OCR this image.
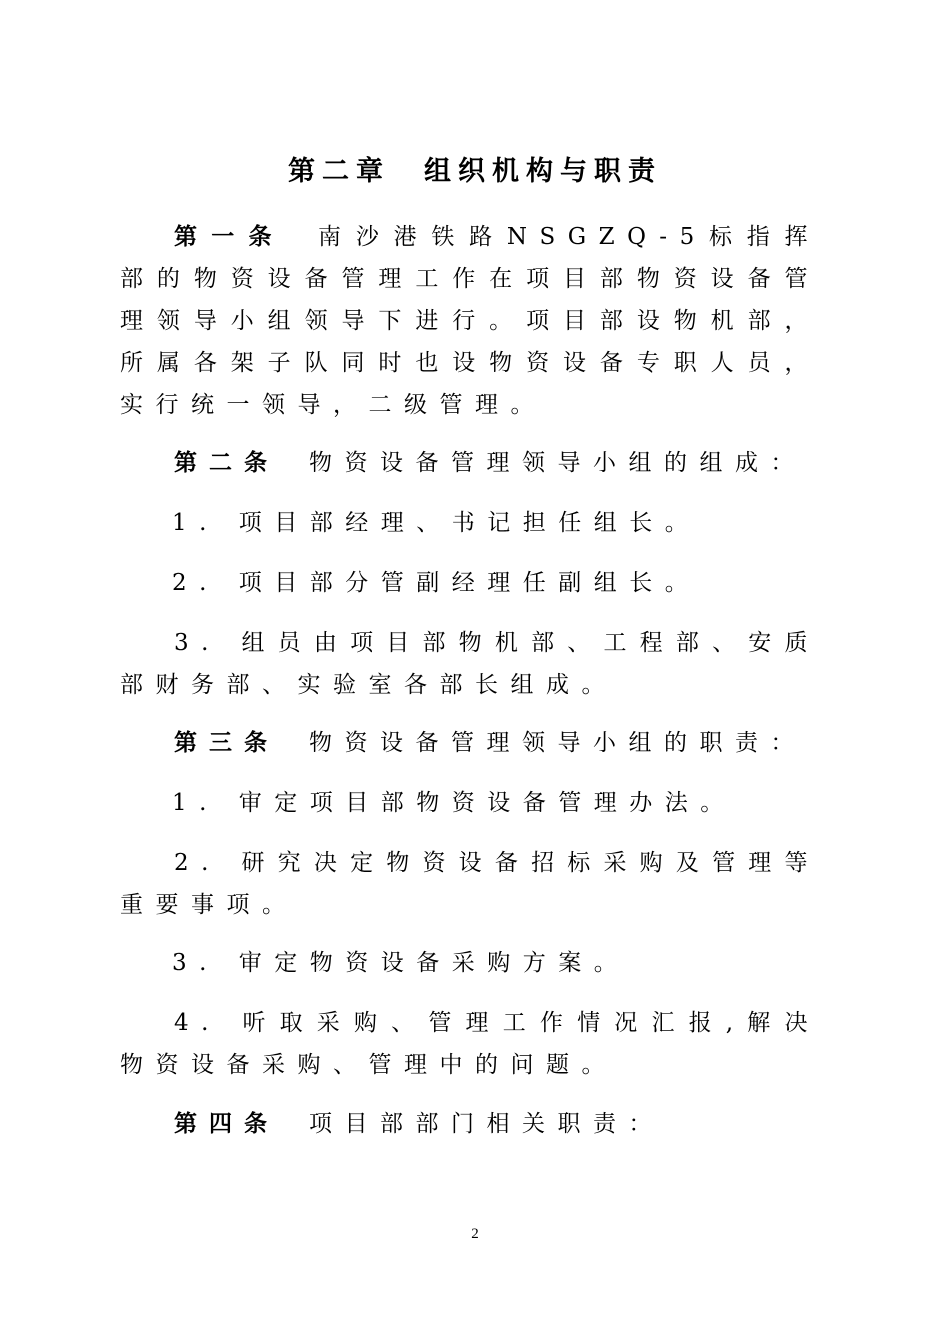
第二章 组织机构与职责
第一条 南沙港铁路NSGZQ-5标指挥部的物资设备管理工作在项目部物资设备管理领导小组领导下进行。项目部设物机部，所属各架子队同时也设物资设备专职人员，实行统一领导，二级管理。
第二条 物资设备管理领导小组的组成：
1. 项目部经理、书记担任组长。
2. 项目部分管副经理任副组长。
3. 组员由项目部物机部、工程部、安质部财务部、实验室各部长组成。
第三条 物资设备管理领导小组的职责：
1. 审定项目部物资设备管理办法。
2. 研究决定物资设备招标采购及管理等重要事项。
3. 审定物资设备采购方案。
4. 听取采购、管理工作情况汇报,解决物资设备采购、管理中的问题。
第四条 项目部部门相关职责：
2
